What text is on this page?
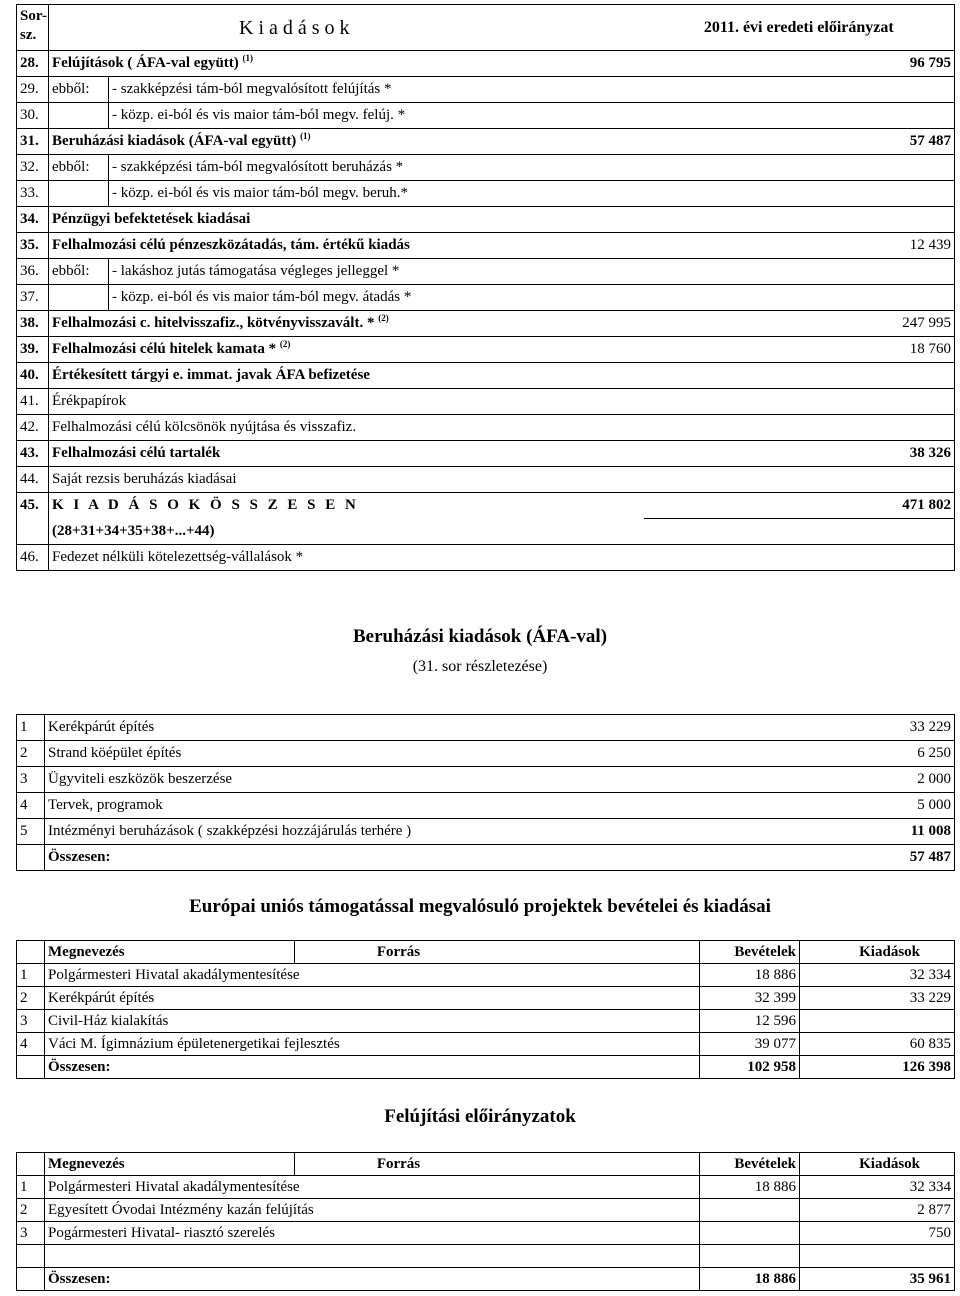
Sor-
sz.	K i a d á s o k		2011. évi eredeti előirányzat
28.	Felújítások ( ÁFA-val együtt) $^{(1)}$		96 795
29.	ebből:	- szakképzési tám-ból megvalósított felújítás *	
30.		- közp. ei-ból és vis maior tám-ból megv. felúj. *	
31.	Beruházási kiadások (ÁFA-val együtt) $^{(1)}$		57 487
32.	ebből:	- szakképzési tám-ból megvalósított beruházás *	
33.		- közp. ei-ból és vis maior tám-ból megv. beruh.*	
34.	Pénzügyi befektetések kiadásai		
35.	Felhalmozási célú pénzeszközátadás, tám. értékű kiadás		12 439
36.	ebből:	- lakáshoz jutás támogatása végleges jelleggel *	
37.		- közp. ei-ból és vis maior tám-ból megv. átadás *	
38.	Felhalmozási c. hitelvisszafiz., kötvényvisszavált. * $^{(2)}$		247 995
39.	Felhalmozási célú hitelek kamata * $^{(2)}$		18 760
40.	Értékesített tárgyi e. immat. javak ÁFA befizetése		
41.	Érékpapírok		
42.	Felhalmozási célú kölcsönök nyújtása és visszafiz.		
43.	Felhalmozási célú tartalék		38 326
44.	Saját rezsis beruházás kiadásai		
45.	K I A D Á S O K Ö S S Z E S E N		471 802
	(28+31+34+35+38+...+44)		
46.	Fedezet nélküli kötelezettség-vállalások *		
Beruházási kiadások (ÁFA-val)
(31. sor részletezése)
1	Kerékpárút építés	33 229
2	Strand köépület építés	6 250
3	Ügyviteli eszközök beszerzése	2 000
4	Tervek, programok	5 000
5	Intézményi beruházások ( szakképzési hozzájárulás terhére )	11 008
	Összesen:	57 487
Európai uniós támogatással megvalósuló projektek bevételei és kiadásai
	Megnevezés	Forrás	Bevételek	Kiadások
1	Polgármesteri Hivatal akadálymentesítése		18 886	32 334
2	Kerékpárút építés		32 399	33 229
3	Civil-Ház kialakítás		12 596	
4	Váci M. Ígimnázium épületenergetikai fejlesztés		39 077	60 835
	Összesen:		102 958	126 398
Felújítási előirányzatok
	Megnevezés	Forrás	Bevételek	Kiadások
1	Polgármesteri Hivatal akadálymentesítése		18 886	32 334
2	Egyesített Óvodai Intézmény kazán felújítás			2 877
3	Pogármesteri Hivatal- riasztó szerelés			750

	Összesen:		18 886	35 961
